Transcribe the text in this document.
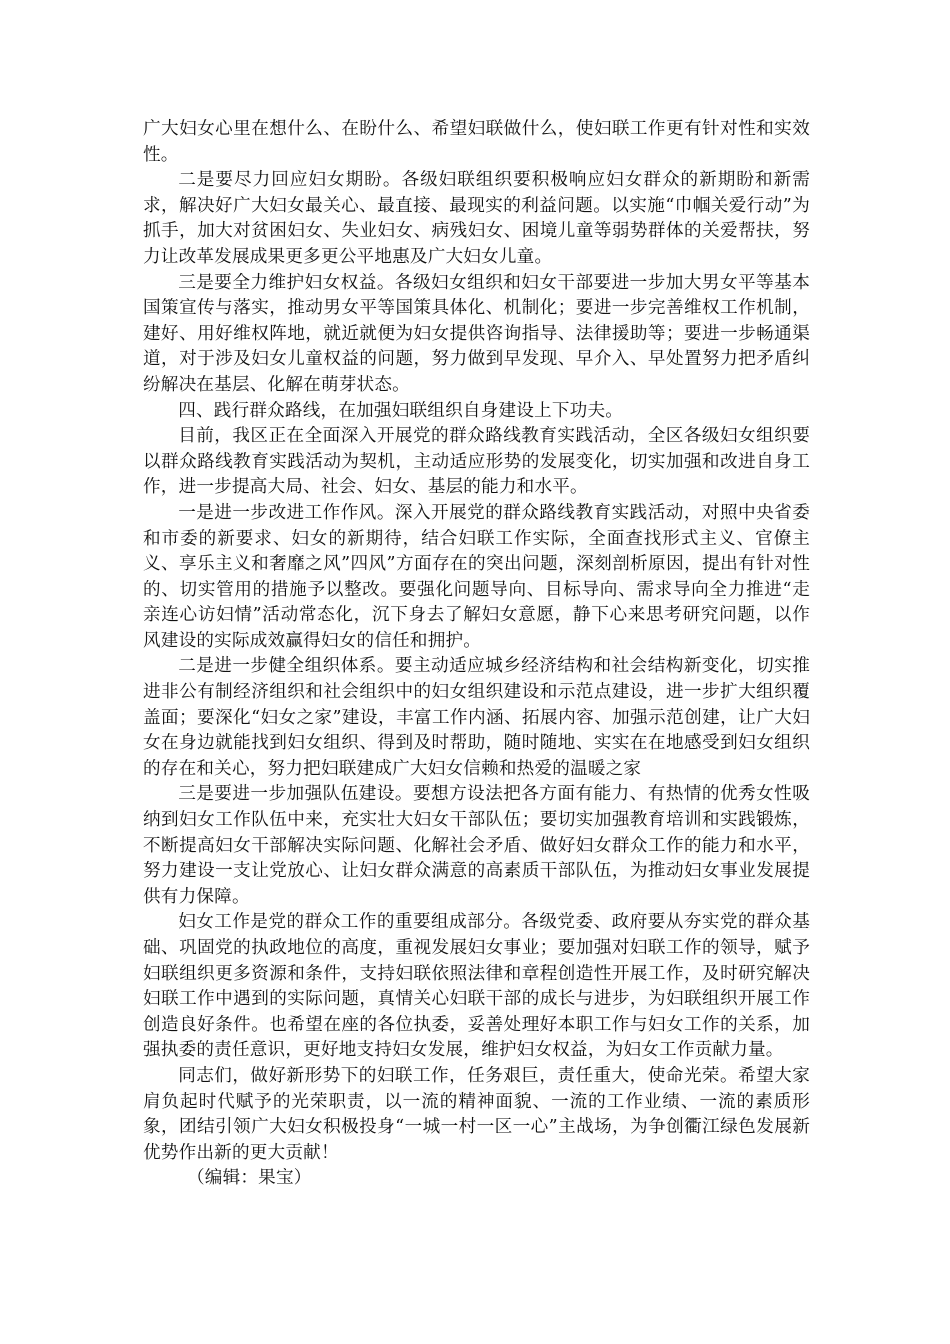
广大妇女心里在想什么、在盼什么、希望妇联做什么，使妇联工作更有针对性和实效性。

二是要尽力回应妇女期盼。各级妇联组织要积极响应妇女群众的新期盼和新需求，解决好广大妇女最关心、最直接、最现实的利益问题。以实施“巾帼关爱行动”为抓手，加大对贫困妇女、失业妇女、病残妇女、困境儿童等弱势群体的关爱帮扶，努力让改革发展成果更多更公平地惠及广大妇女儿童。

三是要全力维护妇女权益。各级妇女组织和妇女干部要进一步加大男女平等基本国策宣传与落实，推动男女平等国策具体化、机制化；要进一步完善维权工作机制，建好、用好维权阵地，就近就便为妇女提供咨询指导、法律援助等；要进一步畅通渠道，对于涉及妇女儿童权益的问题，努力做到早发现、早介入、早处置努力把矛盾纠纷解决在基层、化解在萌芽状态。

四、践行群众路线，在加强妇联组织自身建设上下功夫。

目前，我区正在全面深入开展党的群众路线教育实践活动，全区各级妇女组织要以群众路线教育实践活动为契机，主动适应形势的发展变化，切实加强和改进自身工作，进一步提高大局、社会、妇女、基层的能力和水平。

一是进一步改进工作作风。深入开展党的群众路线教育实践活动，对照中央省委和市委的新要求、妇女的新期待，结合妇联工作实际，全面查找形式主义、官僚主义、享乐主义和奢靡之风”四风”方面存在的突出问题，深刻剖析原因，提出有针对性的、切实管用的措施予以整改。要强化问题导向、目标导向、需求导向全力推进“走亲连心访妇情”活动常态化，沉下身去了解妇女意愿，静下心来思考研究问题，以作风建设的实际成效赢得妇女的信任和拥护。

二是进一步健全组织体系。要主动适应城乡经济结构和社会结构新变化，切实推进非公有制经济组织和社会组织中的妇女组织建设和示范点建设，进一步扩大组织覆盖面；要深化“妇女之家”建设，丰富工作内涵、拓展内容、加强示范创建，让广大妇女在身边就能找到妇女组织、得到及时帮助，随时随地、实实在在地感受到妇女组织的存在和关心，努力把妇联建成广大妇女信赖和热爱的温暖之家

三是要进一步加强队伍建设。要想方设法把各方面有能力、有热情的优秀女性吸纳到妇女工作队伍中来，充实壮大妇女干部队伍；要切实加强教育培训和实践锻炼，不断提高妇女干部解决实际问题、化解社会矛盾、做好妇女群众工作的能力和水平，努力建设一支让党放心、让妇女群众满意的高素质干部队伍，为推动妇女事业发展提供有力保障。

妇女工作是党的群众工作的重要组成部分。各级党委、政府要从夯实党的群众基础、巩固党的执政地位的高度，重视发展妇女事业；要加强对妇联工作的领导，赋予妇联组织更多资源和条件，支持妇联依照法律和章程创造性开展工作，及时研究解决妇联工作中遇到的实际问题，真情关心妇联干部的成长与进步，为妇联组织开展工作创造良好条件。也希望在座的各位执委，妥善处理好本职工作与妇女工作的关系，加强执委的责任意识，更好地支持妇女发展，维护妇女权益，为妇女工作贡献力量。

同志们，做好新形势下的妇联工作，任务艰巨，责任重大，使命光荣。希望大家肩负起时代赋予的光荣职责，以一流的精神面貌、一流的工作业绩、一流的素质形象，团结引领广大妇女积极投身“一城一村一区一心”主战场，为争创衢江绿色发展新优势作出新的更大贡献！

（编辑：果宝）
